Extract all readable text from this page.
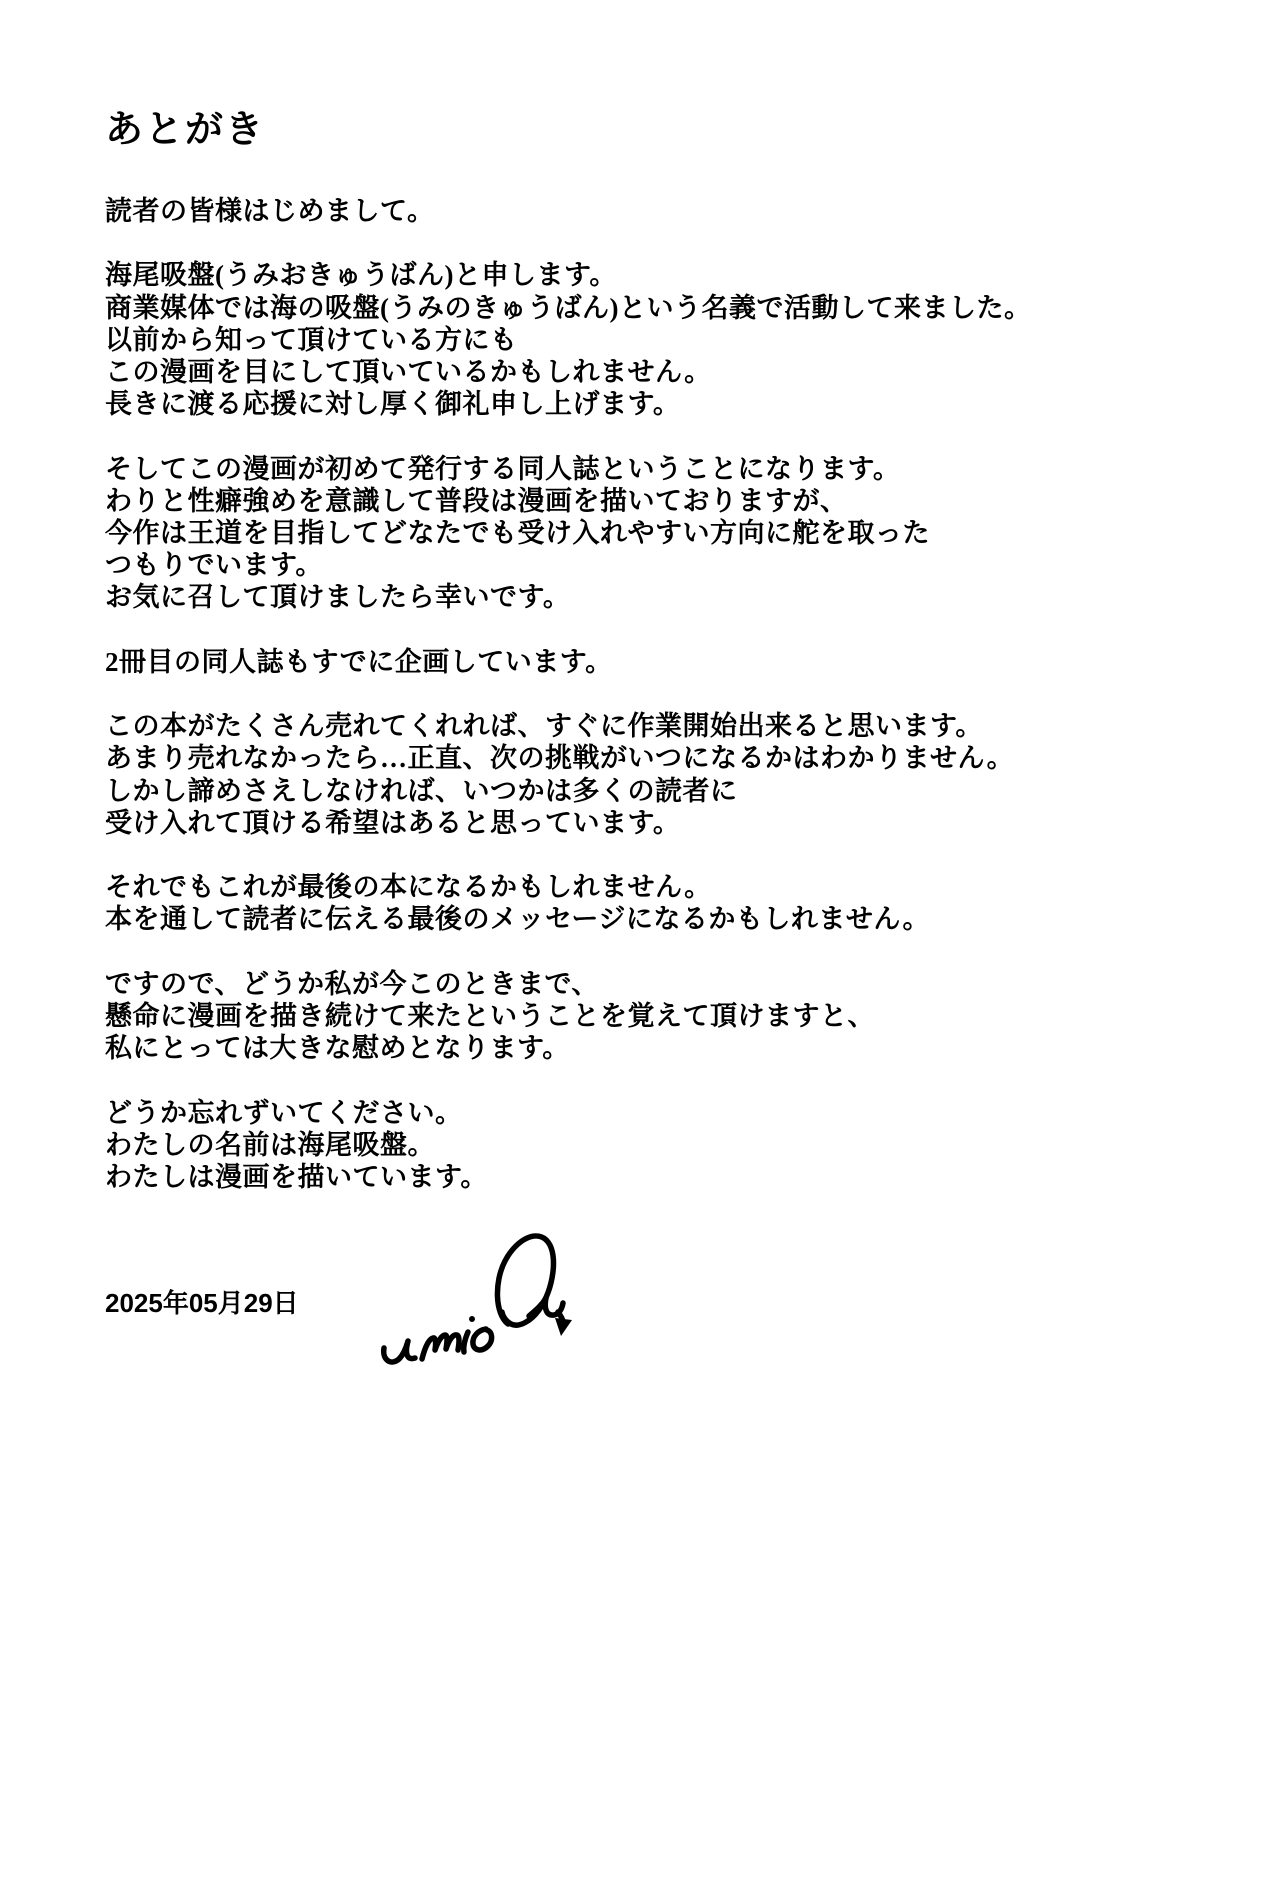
あとがき

読者の皆様はじめまして。

海尾吸盤(うみおきゅうばん)と申します。
商業媒体では海の吸盤(うみのきゅうばん)という名義で活動して来ました。
以前から知って頂けている方にも
この漫画を目にして頂いているかもしれません。
長きに渡る応援に対し厚く御礼申し上げます。

そしてこの漫画が初めて発行する同人誌ということになります。
わりと性癖強めを意識して普段は漫画を描いておりますが、
今作は王道を目指してどなたでも受け入れやすい方向に舵を取った
つもりでいます。
お気に召して頂けましたら幸いです。

2冊目の同人誌もすでに企画しています。

この本がたくさん売れてくれれば、すぐに作業開始出来ると思います。
あまり売れなかったら…正直、次の挑戦がいつになるかはわかりません。
しかし諦めさえしなければ、いつかは多くの読者に
受け入れて頂ける希望はあると思っています。

それでもこれが最後の本になるかもしれません。
本を通して読者に伝える最後のメッセージになるかもしれません。

ですので、どうか私が今このときまで、
懸命に漫画を描き続けて来たということを覚えて頂けますと、
私にとっては大きな慰めとなります。

どうか忘れずいてください。
わたしの名前は海尾吸盤。
わたしは漫画を描いています。

2025年05月29日
